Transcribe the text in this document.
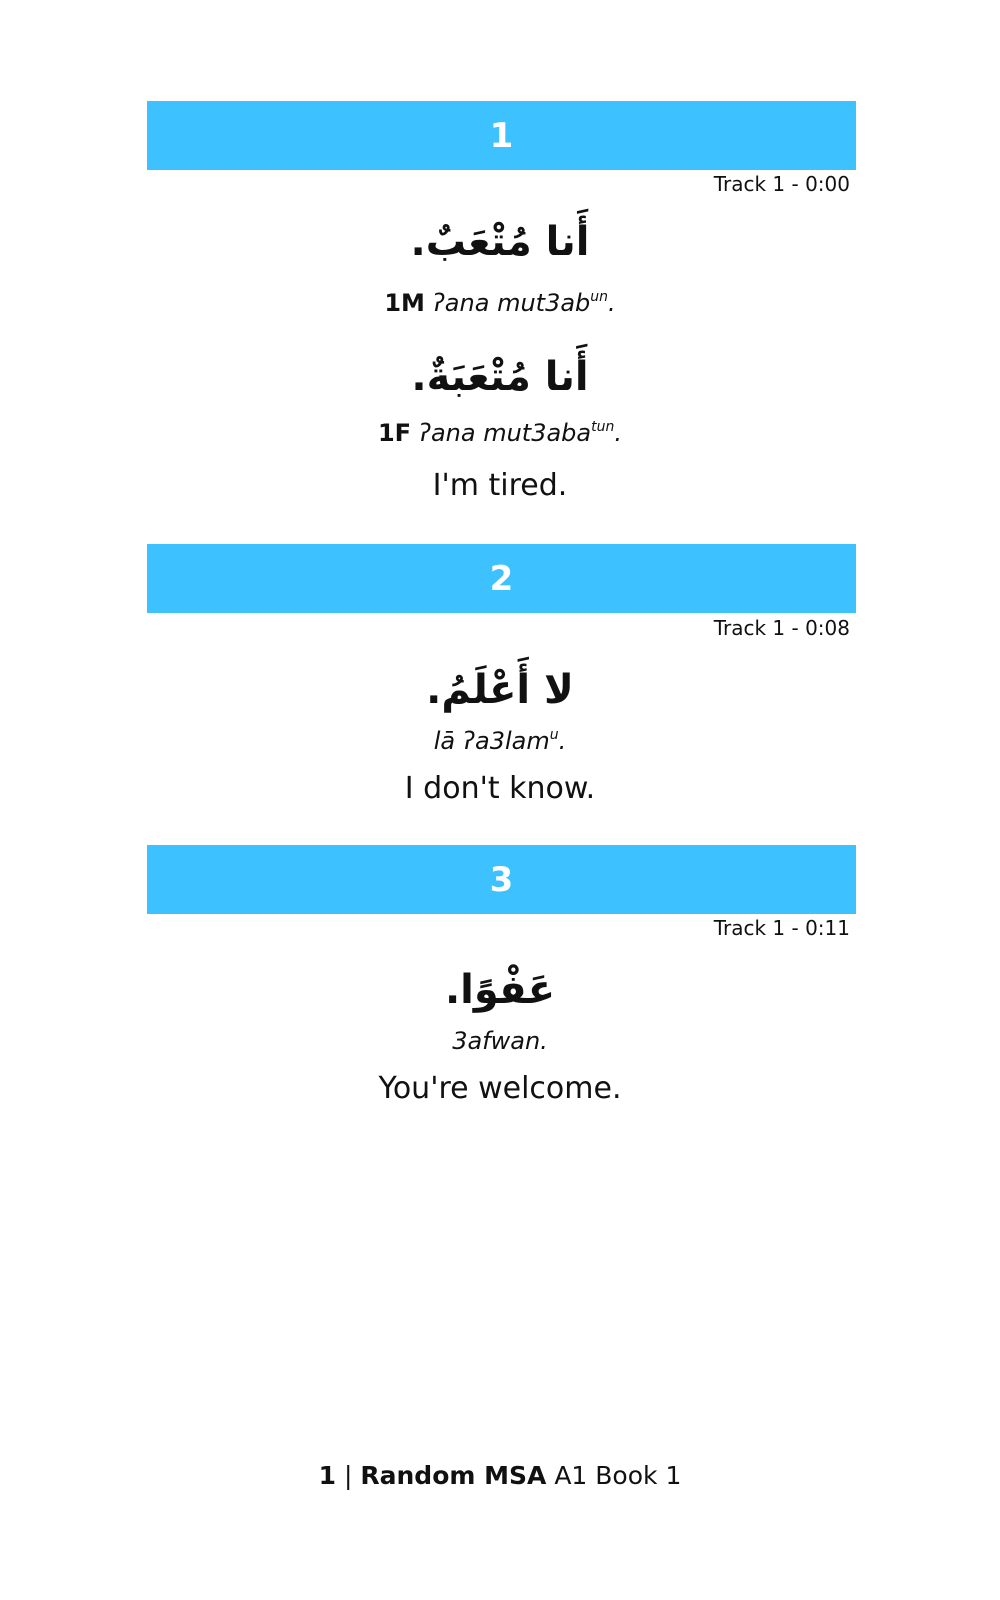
1
Track 1 - 0:00
أَنا مُتْعَبٌ.
1M ʔana $mut3ab^{un}$.
أَنا مُتْعَبَةٌ.
1F ʔana mut3aba$^{tun}$.
I'm tired.
2
Track 1 - 0:08
لا أَعْلَمُ.
lā ʔa3lam$^u$.
I don't know.
3
Track 1 - 0:11
عَفْوًا.
3afwan.
You're welcome.
1 | Random MSA A1 Book 1
